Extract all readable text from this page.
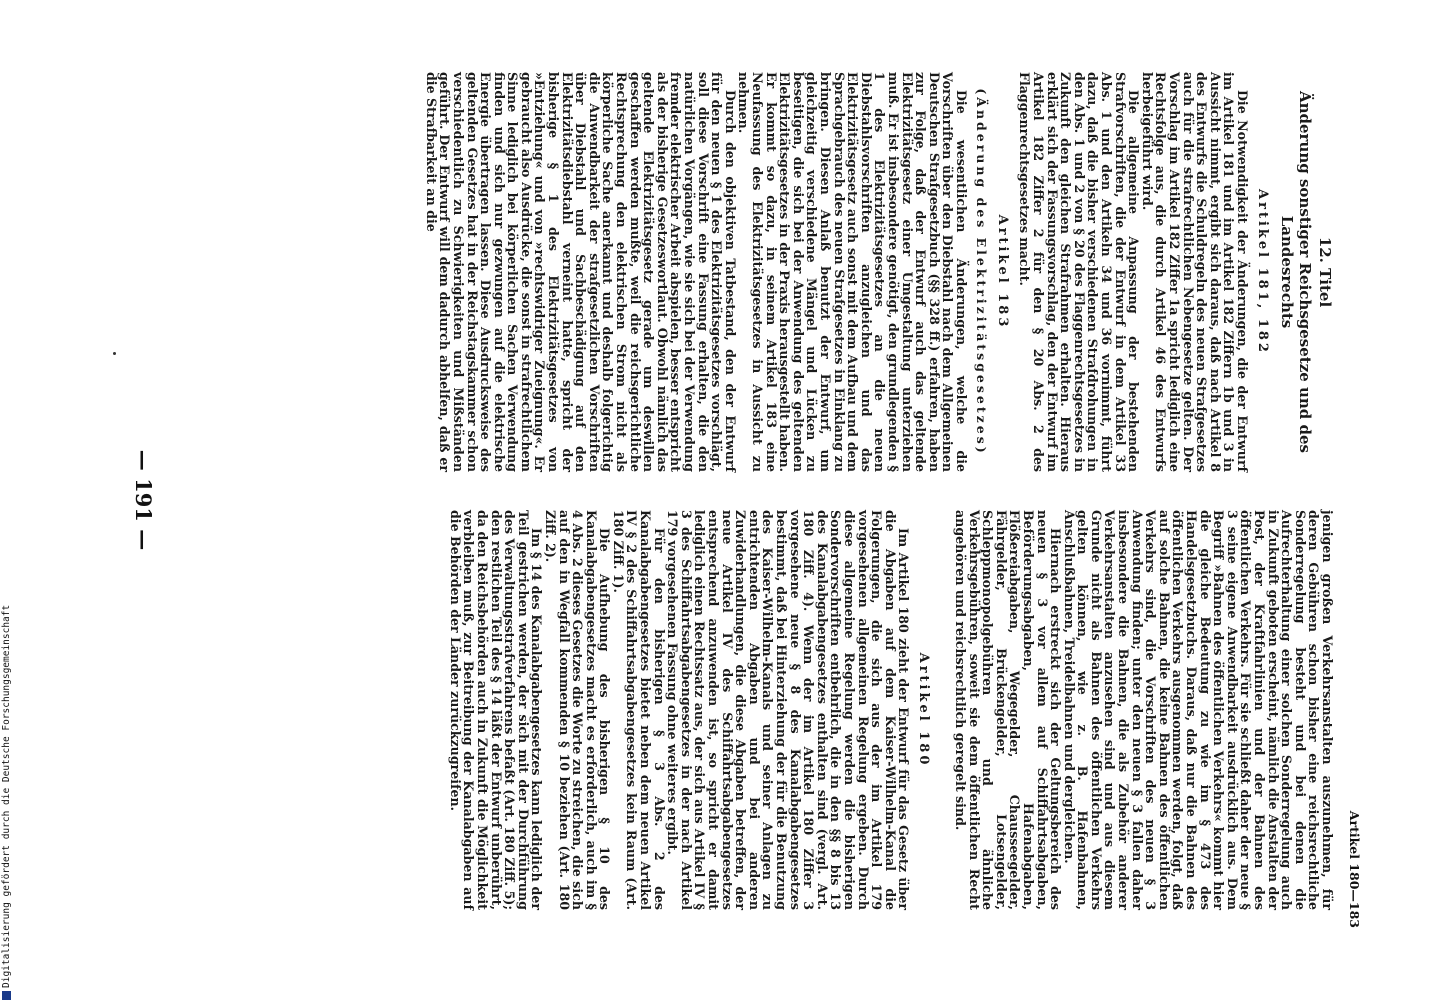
Artikel 180—183
— 191 —
12. Titel
Änderung sonstiger Reichsgesetze und des Landesrechts
Artikel 181, 182

Die Notwendigkeit der Änderungen, die der Entwurf im Artikel 181 und im Artikel 182 Ziffern 1b und 3 in Aussicht nimmt, ergibt sich daraus, daß nach Artikel 8 des Entwurfs die Schuldregeln des neuen Strafgesetzes auch für die strafrechtlichen Nebengesetze gelten. Der Vorschlag im Artikel 182 Ziffer 1a spricht lediglich eine Rechtsfolge aus, die durch Artikel 46 des Entwurfs herbeigeführt wird.

Die allgemeine Anpassung der bestehenden Strafvorschriften, die der Entwurf in dem Artikel 33 Abs. 1 und den Artikeln 34 und 36 vornimmt, führt dazu, daß die bisher verschiedenen Strafdrohungen in den Abs. 1 und 2 von § 20 des Flaggenrechtsgesetzes in Zukunft den gleichen Strafrahmen erhalten. Hieraus erklärt sich der Fassungsvorschlag, den der Entwurf im Artikel 182 Ziffer 2 für den § 20 Abs. 2 des Flaggenrechtsgesetzes macht.

Artikel 183
(Änderung des Elektrizitätsgesetzes)

Die wesentlichen Änderungen, welche die Vorschriften über den Diebstahl nach dem Allgemeinen Deutschen Strafgesetzbuch (§§ 328 ff.) erfahren, haben zur Folge, daß der Entwurf auch das geltende Elektrizitätsgesetz einer Umgestaltung unterziehen muß. Er ist insbesondere genötigt, den grundlegenden § 1 des Elektrizitätsgesetzes an die neuen Diebstahlsvorschriften anzugleichen und das Elektrizitätsgesetz auch sonst mit dem Aufbau und dem Sprachgebrauch des neuen Strafgesetzes in Einklang zu bringen. Diesen Anlaß benutzt der Entwurf, um gleichzeitig verschiedene Mängel und Lücken zu beseitigen, die sich bei der Anwendung des geltenden Elektrizitätsgesetzes in der Praxis herausgestellt haben. Er kommt so dazu, in seinem Artikel 183 eine Neufassung des Elektrizitätsgesetzes in Aussicht zu nehmen.

Durch den objektiven Tatbestand, den der Entwurf für den neuen § 1 des Elektrizitätsgesetzes vorschlägt, soll diese Vorschrift eine Fassung erhalten, die den natürlichen Vorgängen, wie sie sich bei der Verwendung fremder elektrischer Arbeit abspielen, besser entspricht als der bisherige Gesetzeswortlaut. Obwohl nämlich das geltende Elektrizitätsgesetz gerade um deswillen geschaffen werden mußte, weil die reichsgerichtliche Rechtsprechung den elektrischen Strom nicht als körperliche Sache anerkannt und deshalb folgerichtig die Anwendbarkeit der strafgesetzlichen Vorschriften über Diebstahl und Sachbeschädigung auf den Elektrizitätsdiebstahl verneint hatte, spricht der bisherige § 1 des Elektrizitätsgesetzes von »Entziehung« und von »rechtswidriger Zueignung«. Er gebraucht also Ausdrücke, die sonst in strafrechtlichem Sinne lediglich bei körperlichen Sachen Verwendung finden und sich nur gezwungen auf die elektrische Energie übertragen lassen. Diese Ausdrucksweise des geltenden Gesetzes hat in der Reichstagskammer schon verschiedentlich zu Schwierigkeiten und Mißständen geführt. Der Entwurf will dem dadurch abhelfen, daß er die Strafbarkeit an die

jenigen großen Verkehrsanstalten auszunehmen, für deren Gebühren schon bisher eine reichsrechtliche Sonderregelung besteht und bei denen die Aufrechterhaltung einer solchen Sonderregelung auch in Zukunft geboten erscheint, nämlich die Anstalten der Post, der Kraftfahrlinien und der Bahnen des öffentlichen Verkehrs. Für sie schließt daher der neue § 3 seine eigene Anwendbarkeit ausdrücklich aus. Dem Begriff »Bahnen des öffentlichen Verkehrs« kommt hier die gleiche Bedeutung zu wie im § 473 des Handelsgesetzbuchs. Daraus, daß nur die Bahnen des öffentlichen Verkehrs ausgenommen werden, folgt, daß auf solche Bahnen, die keine Bahnen des öffentlichen Verkehrs sind, die Vorschriften des neuen § 3 Anwendung finden; unter den neuen § 3 fallen daher insbesondere die Bahnen, die als Zubehör anderer Verkehrsanstalten anzusehen sind und aus diesem Grunde nicht als Bahnen des öffentlichen Verkehrs gelten können, wie z. B. Hafenbahnen, Anschlußbahnen, Treidelbahnen und dergleichen.

Hiernach erstreckt sich der Geltungsbereich des neuen § 3 vor allem auf Schiffahrtsabgaben, Beförderungsabgaben, Hafenabgaben, Flößereiabgaben, Wegegelder, Chausseegelder, Fährgelder, Brückengelder, Lotsengelder, Schleppmonopolgebühren und ähnliche Verkehrsgebühren, soweit sie dem öffentlichen Recht angehören und reichsrechtlich geregelt sind.

Artikel 180

Im Artikel 180 zieht der Entwurf für das Gesetz über die Abgaben auf dem Kaiser-Wilhelm-Kanal die Folgerungen, die sich aus der im Artikel 179 vorgesehenen allgemeinen Regelung ergeben. Durch diese allgemeine Regelung werden die bisherigen Sondervorschriften entbehrlich, die in den §§ 8 bis 13 des Kanalabgabengesetzes enthalten sind (vergl. Art. 180 Ziff. 4). Wenn der im Artikel 180 Ziffer 3 vorgesehene neue § 8 des Kanalabgabengesetzes bestimmt, daß bei Hinterziehung der für die Benutzung des Kaiser-Wilhelm-Kanals und seiner Anlagen zu entrichtenden Abgaben und bei anderen Zuwiderhandlungen, die diese Abgaben betreffen, der neue Artikel IV des Schiffahrtsabgabengesetzes entsprechend anzuwenden ist, so spricht er damit lediglich einen Rechtssatz aus, der sich aus Artikel IV § 3 des Schiffahrtsabgabengesetzes in der nach Artikel 179 vorgesehenen Fassung ohne weiteres ergibt.

Für den bisherigen § 3 Abs. 2 des Kanalabgabengesetzes bietet neben dem neuen Artikel IV § 2 des Schiffahrtsabgabengesetzes kein Raum (Art. 180 Ziff. 1).

Die Aufhebung des bisherigen § 10 des Kanalabgabengesetzes macht es erforderlich, auch im § 4 Abs. 2 dieses Gesetzes die Worte zu streichen, die sich auf den in Wegfall kommenden § 10 beziehen (Art. 180 Ziff. 2).

Im § 14 des Kanalabgabengesetzes kann lediglich der Teil gestrichen werden, der sich mit der Durchführung des Verwaltungsstrafverfahrens befaßt (Art. 180 Ziff. 5); den restlichen Teil des § 14 läßt der Entwurf unberührt, da den Reichsbehörden auch in Zukunft die Möglichkeit verbleiben muß, zur Beitreibung der Kanalabgaben auf die Behörden der Länder zurückzugreifen.

Digitalisierung gefördert durch die Deutsche Forschungsgemeinschaft
